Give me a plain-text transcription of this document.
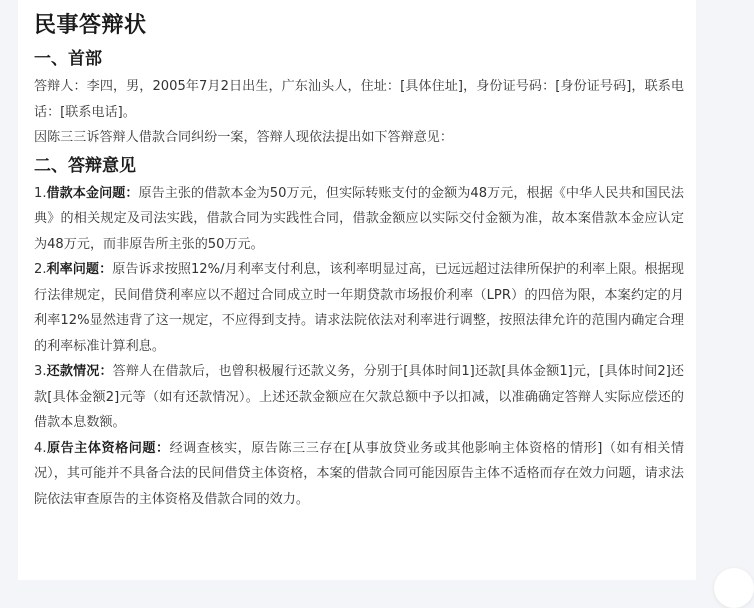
民事答辩状
一、首部

答辩人：李四，男，2005年7月2日出生，广东汕头人，住址：[具体住址]，身份证号码：[身份证号码]，联系电话：[联系电话]。

因陈三三诉答辩人借款合同纠纷一案，答辩人现依法提出如下答辩意见：

二、答辩意见

1.借款本金问题：原告主张的借款本金为50万元，但实际转账支付的金额为48万元，根据《中华人民共和国民法典》的相关规定及司法实践，借款合同为实践性合同，借款金额应以实际交付金额为准，故本案借款本金应认定为48万元，而非原告所主张的50万元。

2.利率问题：原告诉求按照12%/月利率支付利息，该利率明显过高，已远远超过法律所保护的利率上限。根据现行法律规定，民间借贷利率应以不超过合同成立时一年期贷款市场报价利率（LPR）的四倍为限，本案约定的月利率12%显然违背了这一规定，不应得到支持。请求法院依法对利率进行调整，按照法律允许的范围内确定合理的利率标准计算利息。

3.还款情况：答辩人在借款后，也曾积极履行还款义务，分别于[具体时间1]还款[具体金额1]元，[具体时间2]还款[具体金额2]元等（如有还款情况）。上述还款金额应在欠款总额中予以扣减，以准确确定答辩人实际应偿还的借款本息数额。

4.原告主体资格问题：经调查核实，原告陈三三存在[从事放贷业务或其他影响主体资格的情形]（如有相关情况），其可能并不具备合法的民间借贷主体资格，本案的借款合同可能因原告主体不适格而存在效力问题，请求法院依法审查原告的主体资格及借款合同的效力。
